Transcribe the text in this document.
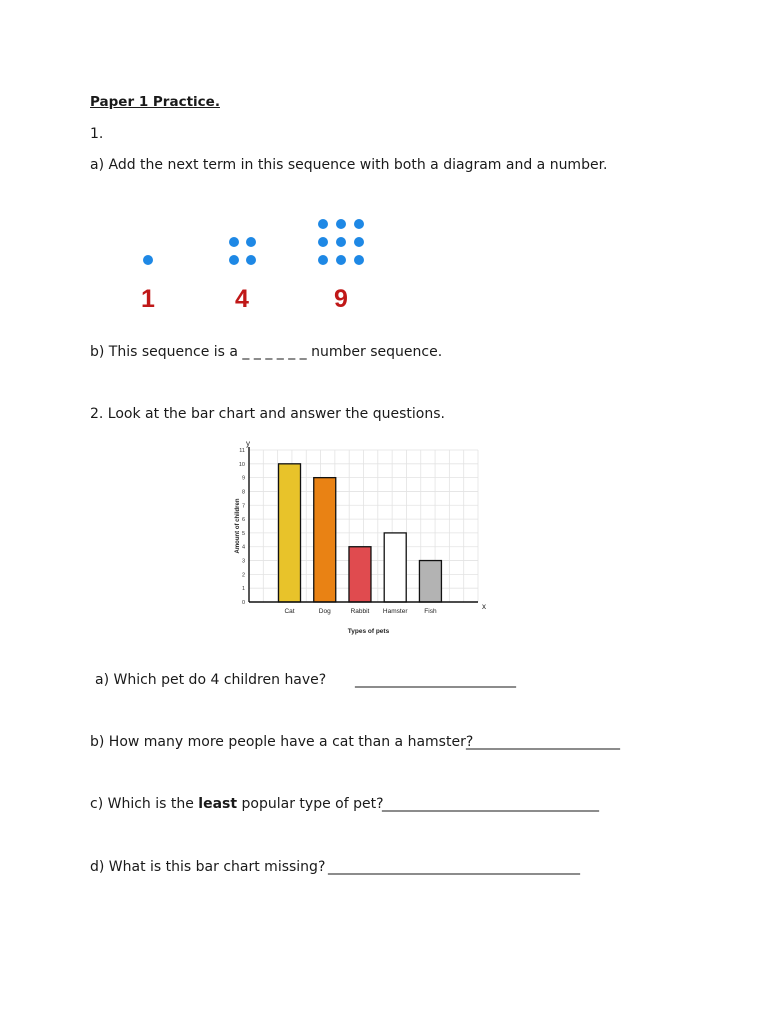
Paper 1 Practice.
1.
a) Add the next term in this sequence with both a diagram and a number.
1	4	9
b) This sequence is a _ _ _ _ _ _ number sequence.
2. Look at the bar chart and answer the questions.
Cat	Dog	Rabbit Hamster	Fish
0
1
2
3
4
5
6
7
8
9
10
11
y
x
Types of pets
Amount of children
a) Which pet do 4 children have? _______________________
b) How many more people have a cat than a hamster?
______________________
c) Which is the least popular type of pet?
_______________________________
d) What is this bar chart missing? ____________________________________
